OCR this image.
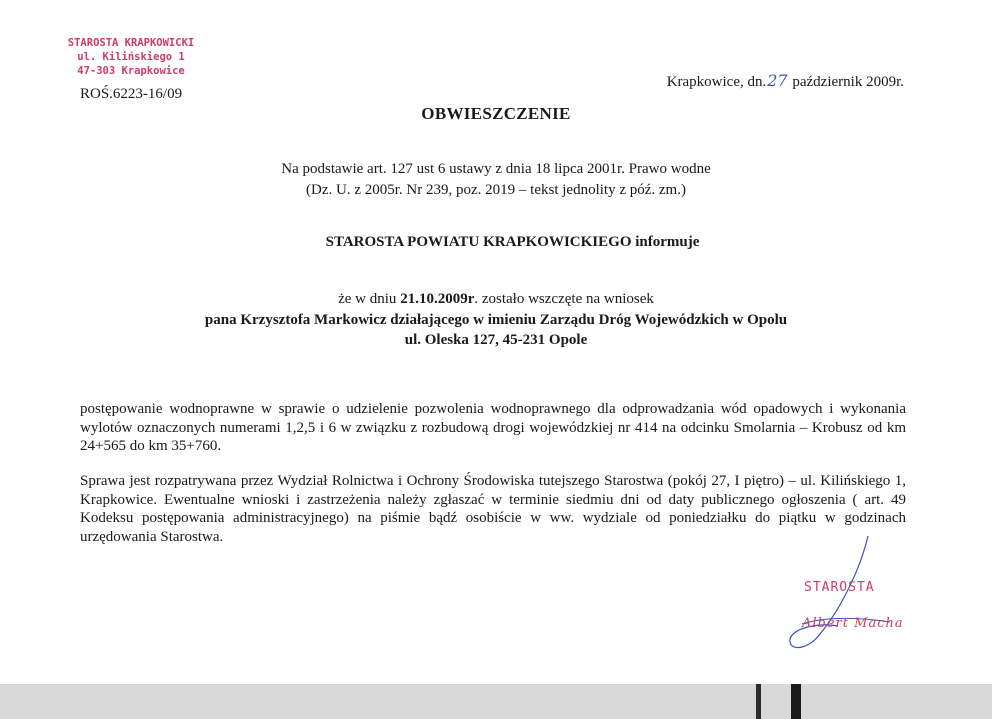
STAROSTA KRAPKOWICKI
ul. Kilińskiego 1
47-303 Krapkowice
ROŚ.6223-16/09
Krapkowice, dn.27 październik 2009r.
OBWIESZCZENIE
Na podstawie art. 127 ust 6 ustawy z dnia 18 lipca 2001r. Prawo wodne
(Dz. U. z 2005r. Nr 239, poz. 2019 – tekst jednolity z póź. zm.)
STAROSTA POWIATU KRAPKOWICKIEGO informuje
że w dniu 21.10.2009r. zostało wszczęte na wniosek
pana Krzysztofa Markowicz działającego w imieniu Zarządu Dróg Wojewódzkich w Opolu
ul. Oleska 127, 45-231 Opole
postępowanie wodnoprawne w sprawie o udzielenie pozwolenia wodnoprawnego dla odprowadzania wód opadowych i wykonania wylotów oznaczonych numerami 1,2,5 i 6 w związku z rozbudową drogi wojewódzkiej nr 414 na odcinku Smolarnia – Krobusz od km 24+565 do km 35+760.
Sprawa jest rozpatrywana przez Wydział Rolnictwa i Ochrony Środowiska tutejszego Starostwa (pokój 27, I piętro) – ul. Kilińskiego 1, Krapkowice. Ewentualne wnioski i zastrzeżenia należy zgłaszać w terminie siedmiu dni od daty publicznego ogłoszenia ( art. 49 Kodeksu postępowania administracyjnego) na piśmie bądź osobiście w ww. wydziale od poniedziałku do piątku w godzinach urzędowania Starostwa.
STAROSTA
Albert Macha
